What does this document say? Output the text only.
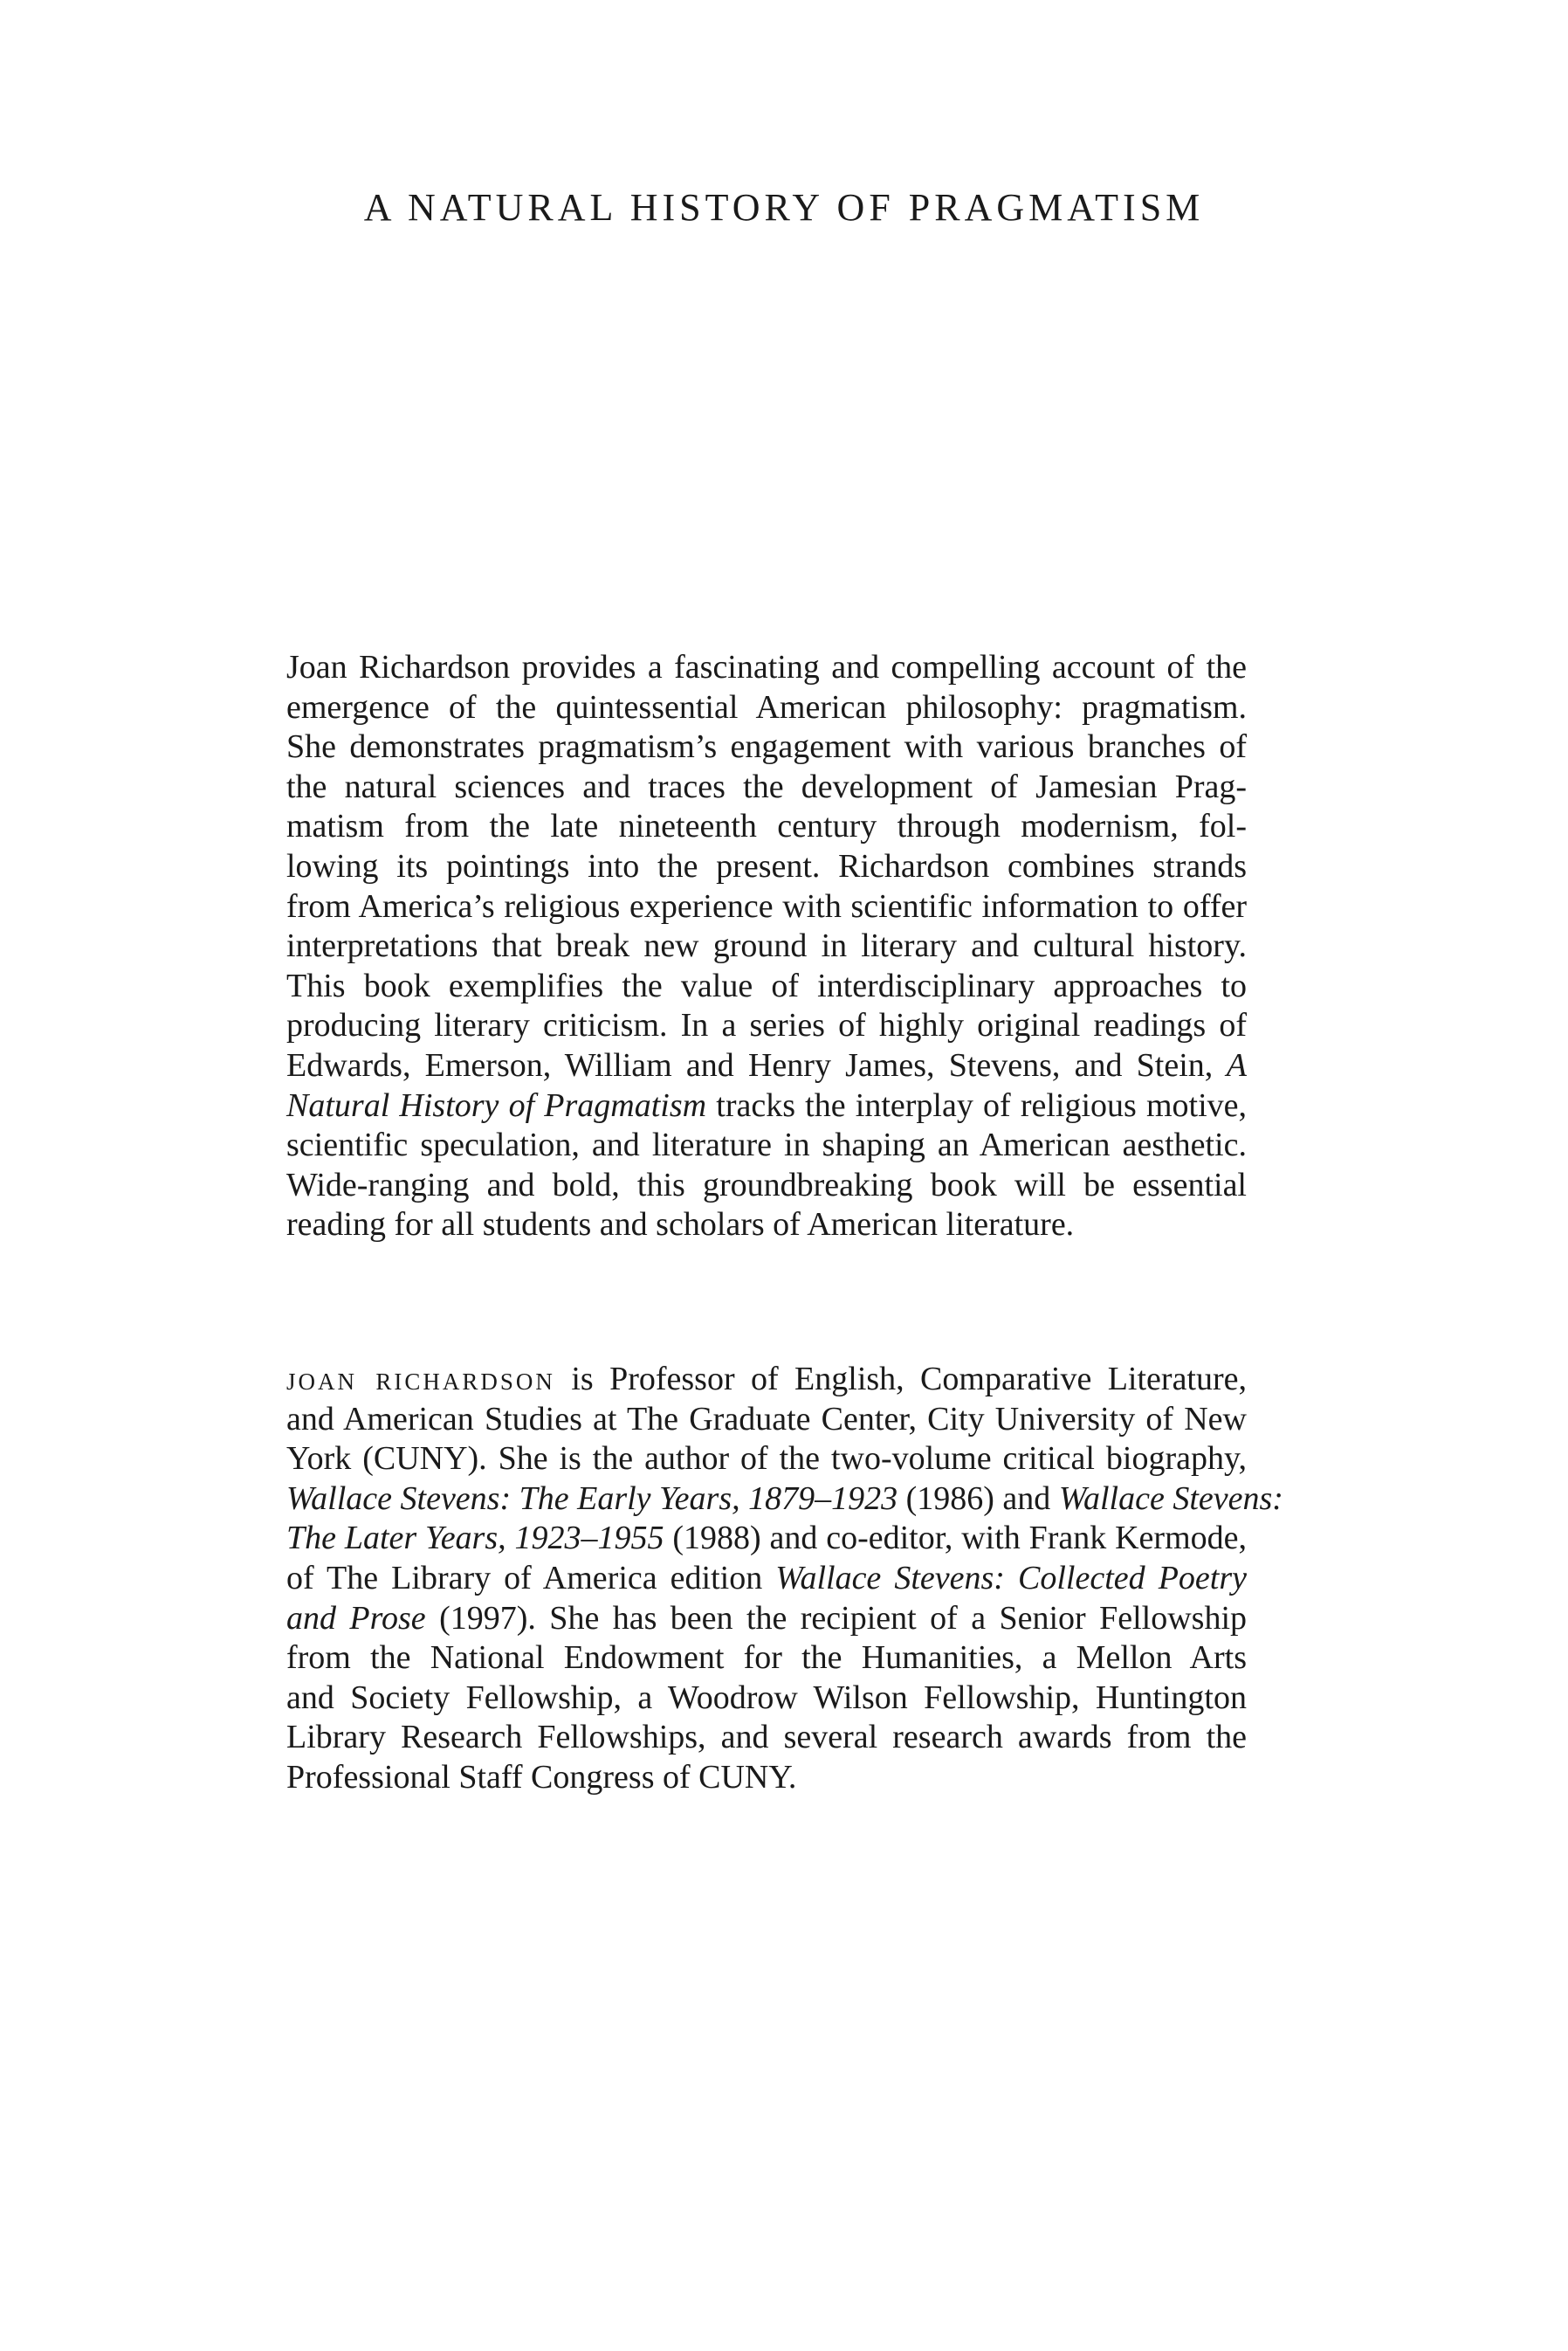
A NATURAL HISTORY OF PRAGMATISM
Joan Richardson provides a fascinating and compelling account of the
emergence of the quintessential American philosophy: pragmatism.
She demonstrates pragmatism’s engagement with various branches of
the natural sciences and traces the development of Jamesian Prag-
matism from the late nineteenth century through modernism, fol-
lowing its pointings into the present. Richardson combines strands
from America’s religious experience with scientific information to offer
interpretations that break new ground in literary and cultural history.
This book exemplifies the value of interdisciplinary approaches to
producing literary criticism. In a series of highly original readings of
Edwards, Emerson, William and Henry James, Stevens, and Stein, A
Natural History of Pragmatism tracks the interplay of religious motive,
scientific speculation, and literature in shaping an American aesthetic.
Wide-ranging and bold, this groundbreaking book will be essential
reading for all students and scholars of American literature.
joan richardson is Professor of English, Comparative Literature,
and American Studies at The Graduate Center, City University of New
York (CUNY). She is the author of the two-volume critical biography,
Wallace Stevens: The Early Years, 1879–1923 (1986) and Wallace Stevens:
The Later Years, 1923–1955 (1988) and co-editor, with Frank Kermode,
of The Library of America edition Wallace Stevens: Collected Poetry
and Prose (1997). She has been the recipient of a Senior Fellowship
from the National Endowment for the Humanities, a Mellon Arts
and Society Fellowship, a Woodrow Wilson Fellowship, Huntington
Library Research Fellowships, and several research awards from the
Professional Staff Congress of CUNY.
